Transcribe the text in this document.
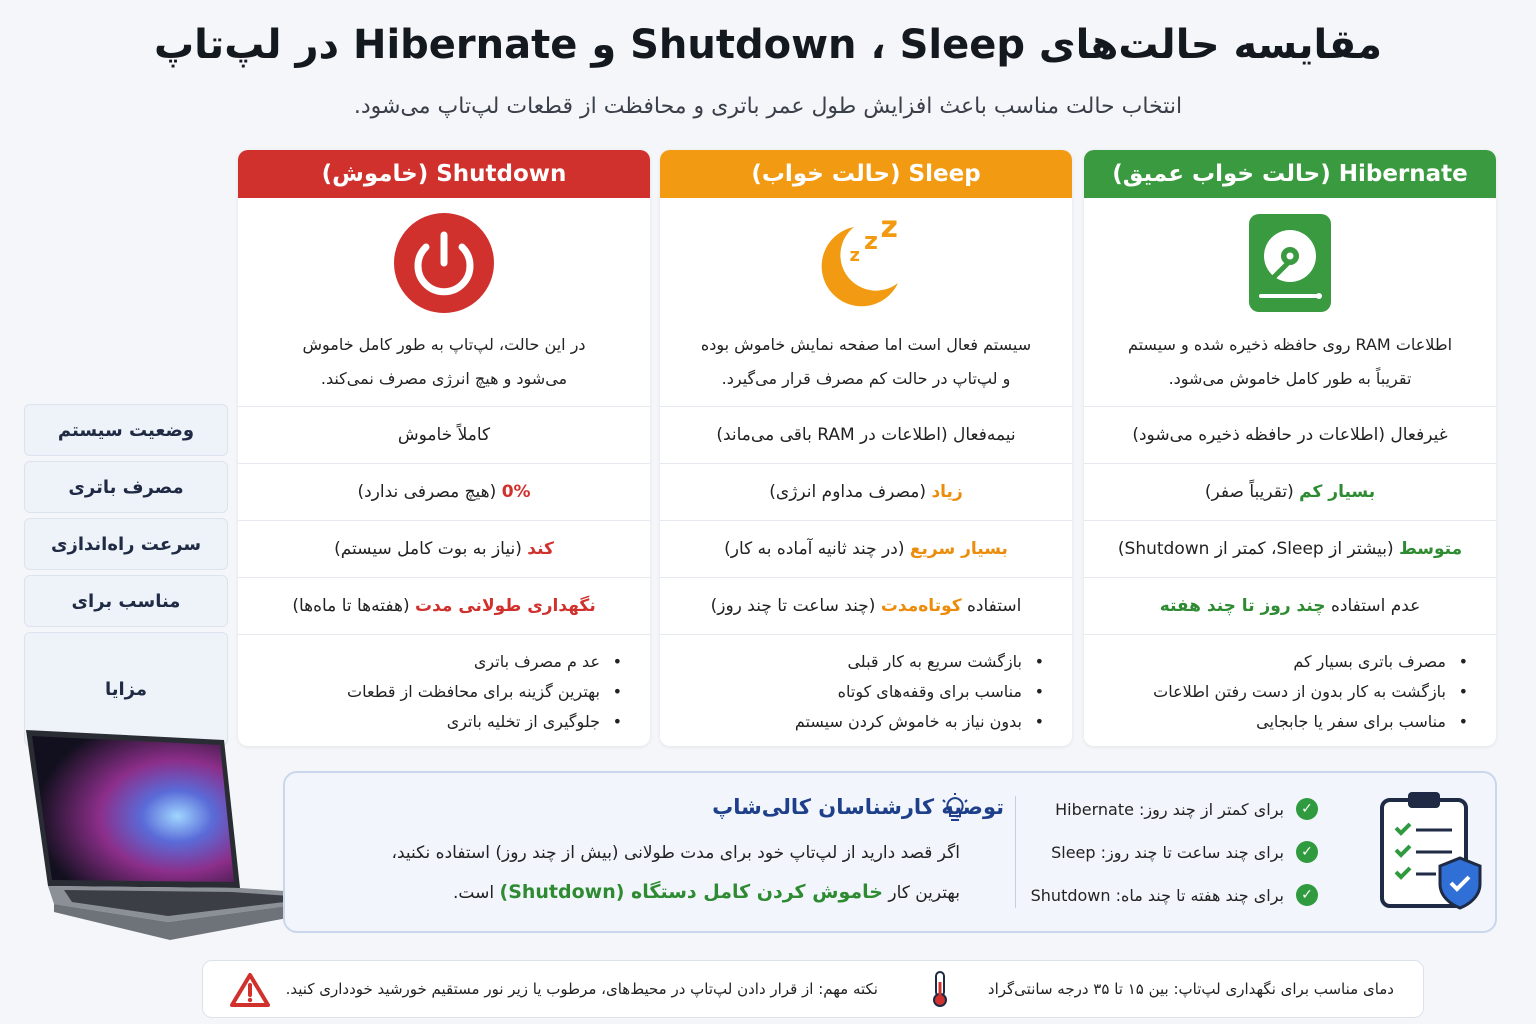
مقایسه حالت‌های Shutdown ، Sleep و Hibernate در لپ‌تاپ
انتخاب حالت مناسب باعث افزایش طول عمر باتری و محافظت از قطعات لپ‌تاپ می‌شود.
Hibernate (حالت خواب عمیق)
اطلاعات RAM روی حافظه ذخیره شده و سیستم
تقریباً به طور کامل خاموش می‌شود.
غیرفعال (اطلاعات در حافظه ذخیره می‌شود)
بسیار کم
(تقریباً صفر)
متوسط
(بیشتر از Sleep، کمتر از Shutdown)
عدم استفاده
چند روز تا چند هفته
• مصرف باتری بسیار کم
• بازگشت به کار بدون از دست رفتن اطلاعات
• مناسب برای سفر یا جابجایی
Sleep (حالت خواب)
z
z z
سیستم فعال است اما صفحه نمایش خاموش بوده
و لپ‌تاپ در حالت کم مصرف قرار می‌گیرد.
نیمه‌فعال (اطلاعات در RAM باقی می‌ماند)
زیاد
(مصرف مداوم انرژی)
بسیار سریع
(در چند ثانیه آماده به کار)
استفاده
کوتاه‌مدت
(چند ساعت تا چند روز)
• بازگشت سریع به کار قبلی
• مناسب برای وقفه‌های کوتاه
• بدون نیاز به خاموش کردن سیستم
Shutdown (خاموش)
در این حالت، لپ‌تاپ به طور کامل خاموش
می‌شود و هیچ انرژی مصرف نمی‌کند.
کاملاً خاموش
0%
(هیچ مصرفی ندارد)
کند
(نیاز به بوت کامل سیستم)
نگهداری طولانی مدت
(هفته‌ها تا ماه‌ها)
• عد م مصرف باتری
• بهترین گزینه برای محافظت از قطعات
• جلوگیری از تخلیه باتری
وضعیت سیستم
مصرف باتری
سرعت راه‌اندازی
مناسب برای
مزایا
توصیه کارشناسان کالی‌شاپ
اگر قصد دارید از لپ‌تاپ خود برای مدت طولانی (بیش از چند روز) استفاده نکنید،
بهترین کار خاموش کردن کامل دستگاه (Shutdown) است.
✓
برای کمتر از چند روز: Hibernate
✓
برای چند ساعت تا چند روز: Sleep
✓
برای چند هفته تا چند ماه: Shutdown
دمای مناسب برای نگهداری لپ‌تاپ: بین ۱۵ تا ۳۵ درجه سانتی‌گراد
نکته مهم: از قرار دادن لپ‌تاپ در محیط‌های، مرطوب یا زیر نور مستقیم خورشید خودداری کنید.
